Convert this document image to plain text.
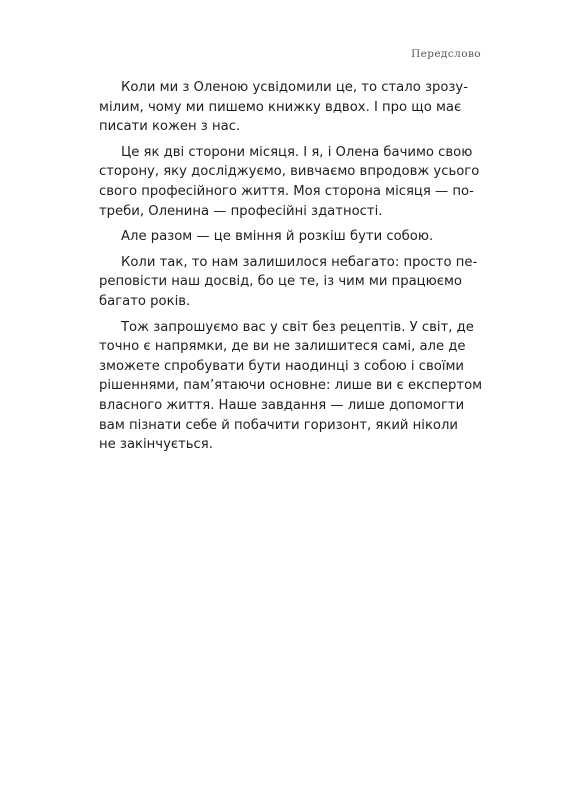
Передслово

Коли ми з Оленою усвідомили це, то стало зрозу-
мілим, чому ми пишемо книжку вдвох. І про що має
писати кожен з нас.

Це як дві сторони місяця. І я, і Олена бачимо свою
сторону, яку досліджуємо, вивчаємо впродовж усього
свого професійного життя. Моя сторона місяця — по-
треби, Оленина — професійні здатності.

Але разом — це вміння й розкіш бути собою.

Коли так, то нам залишилося небагато: просто пе-
реповісти наш досвід, бо це те, із чим ми працюємо
багато років.

Тож запрошуємо вас у світ без рецептів. У світ, де
точно є напрямки, де ви не залишитеся самі, але де
зможете спробувати бути наодинці з собою і своїми
рішеннями, пам’ятаючи основне: лише ви є експертом
власного життя. Наше завдання — лише допомогти
вам пізнати себе й побачити горизонт, який ніколи
не закінчується.
